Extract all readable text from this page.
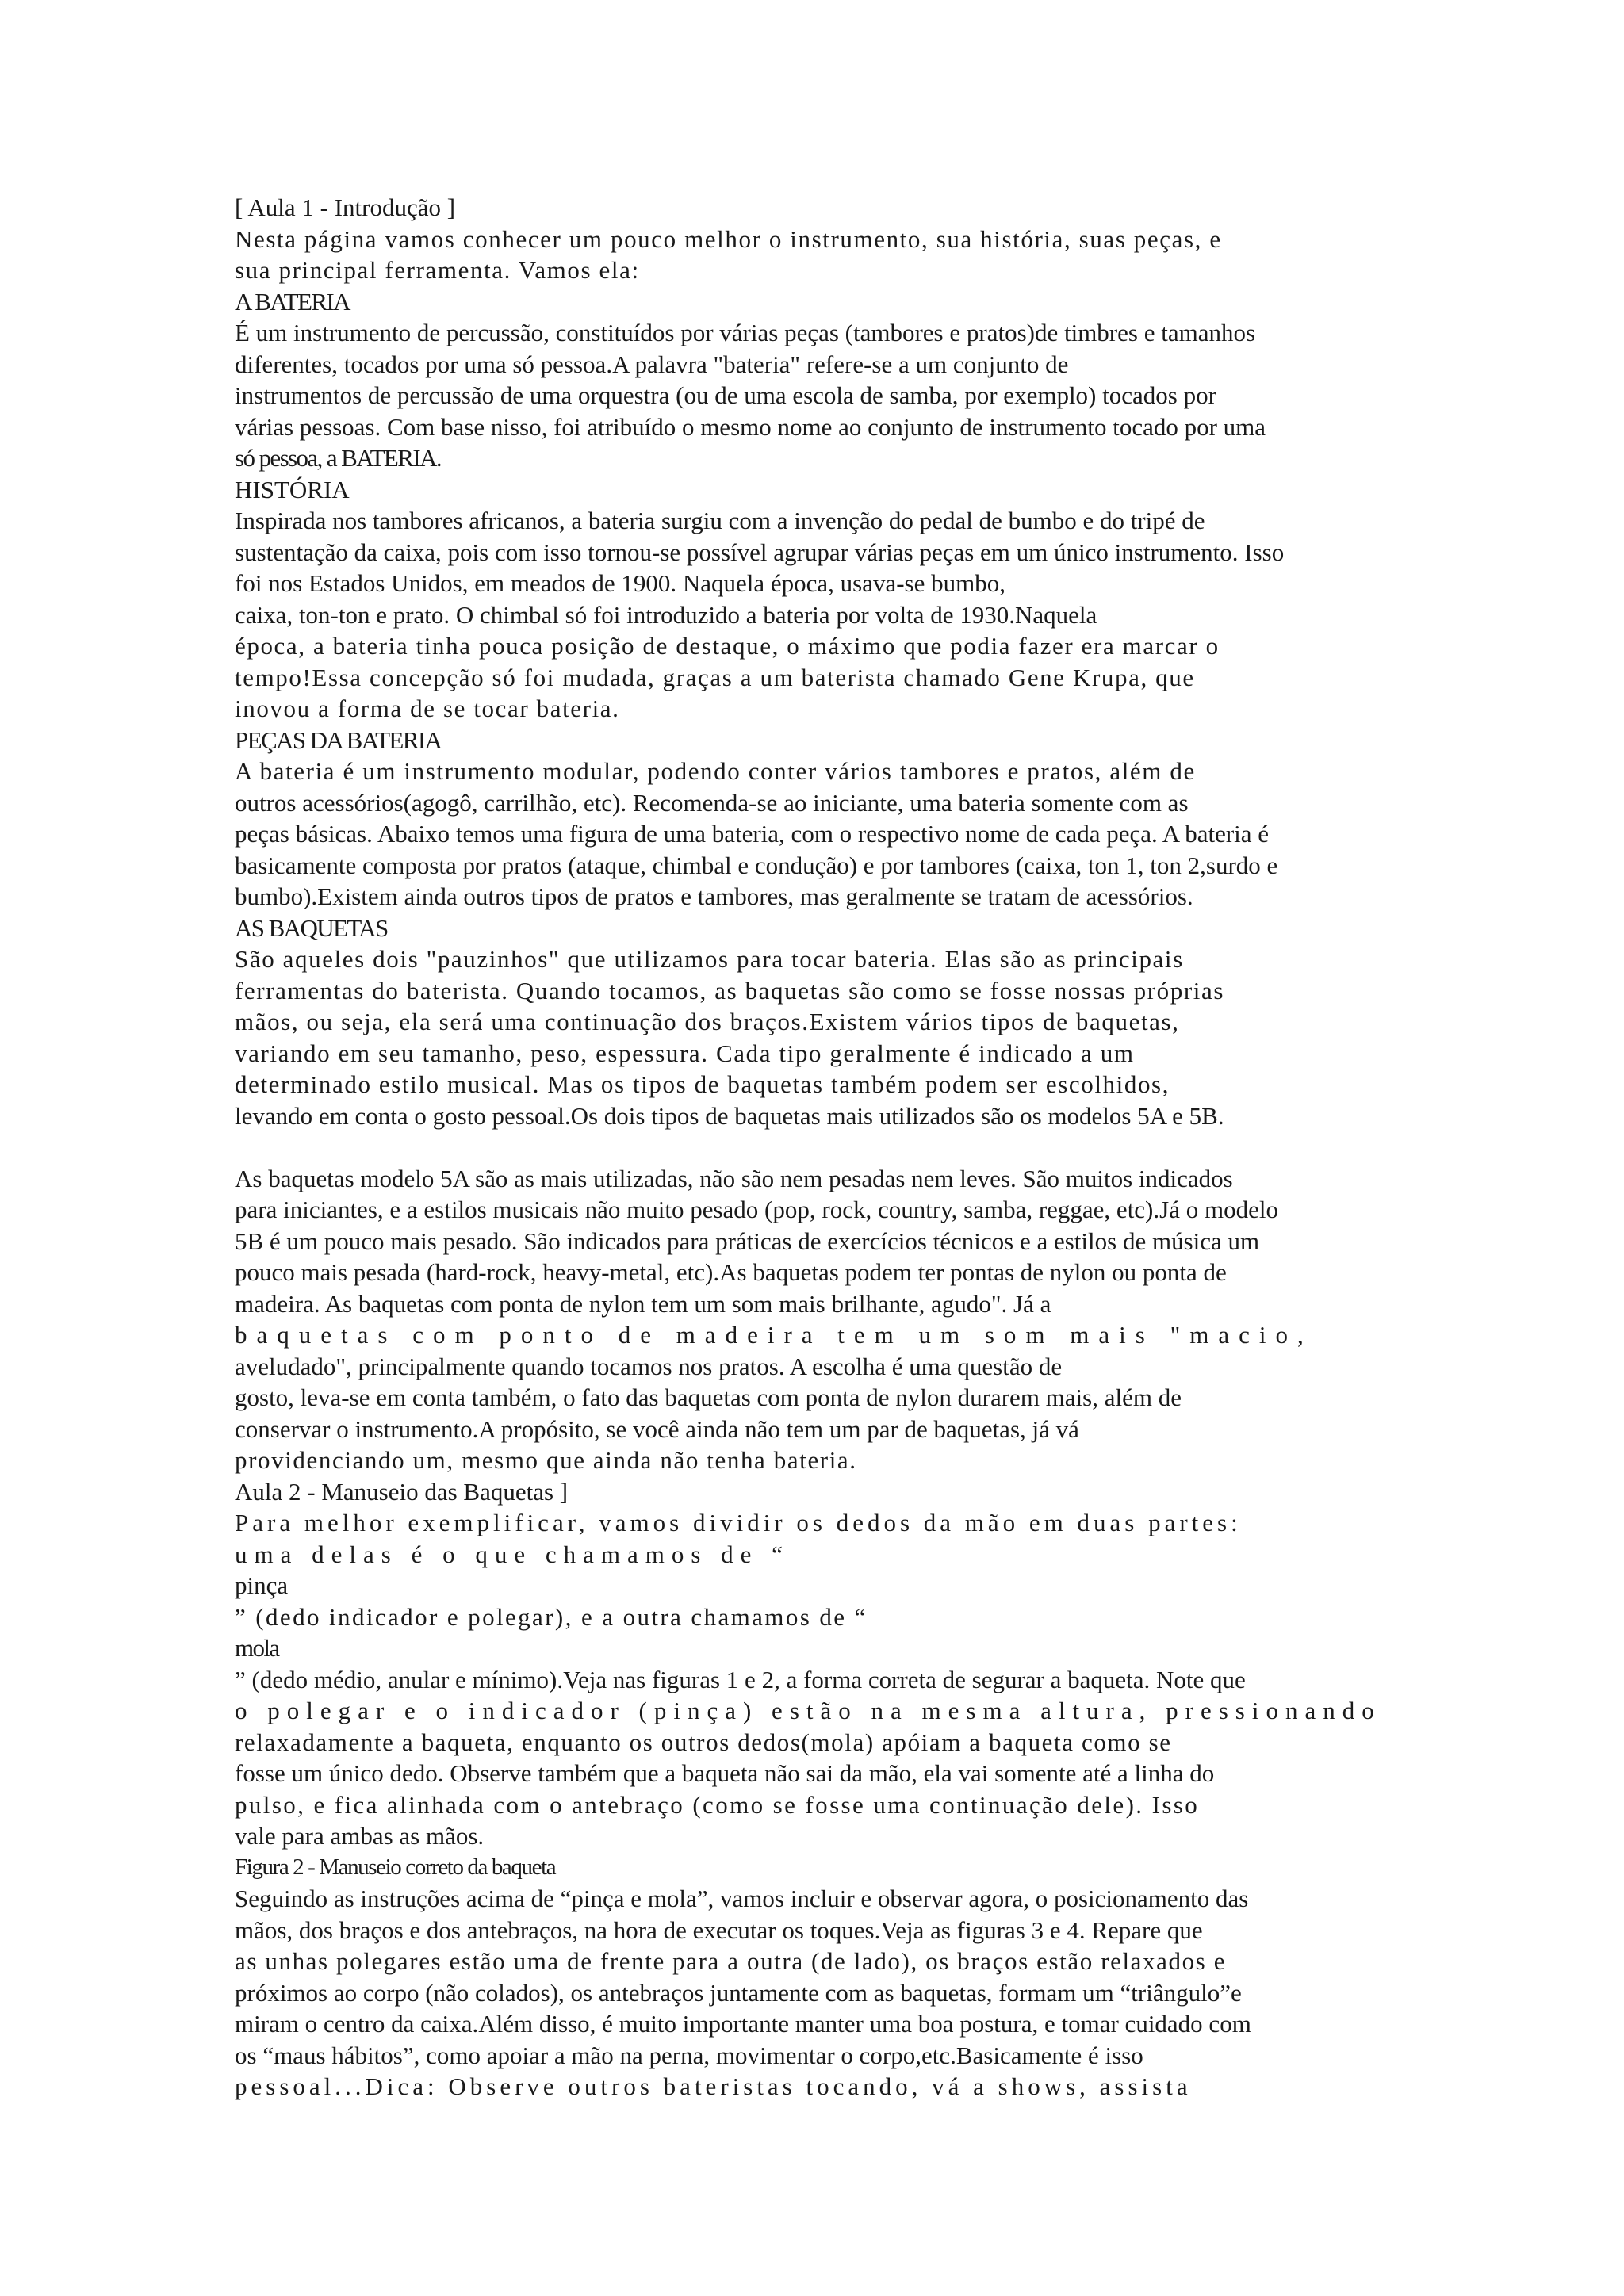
[ Aula 1 - Introdução ]
Nesta página vamos conhecer um pouco melhor o instrumento, sua história, suas peças, e
sua principal ferramenta. Vamos ela:
A BATERIA
É um instrumento de percussão, constituídos por várias peças (tambores e pratos)de timbres e tamanhos
diferentes, tocados por uma só pessoa.A palavra "bateria" refere-se a um conjunto de
instrumentos de percussão de uma orquestra (ou de uma escola de samba, por exemplo) tocados por
várias pessoas. Com base nisso, foi atribuído o mesmo nome ao conjunto de instrumento tocado por uma
só pessoa, a BATERIA.
HISTÓRIA
Inspirada nos tambores africanos, a bateria surgiu com a invenção do pedal de bumbo e do tripé de
sustentação da caixa, pois com isso tornou-se possível agrupar várias peças em um único instrumento. Isso
foi nos Estados Unidos, em meados de 1900. Naquela época, usava-se bumbo,
caixa, ton-ton e prato. O chimbal só foi introduzido a bateria por volta de 1930.Naquela
época, a bateria tinha pouca posição de destaque, o máximo que podia fazer era marcar o
tempo!Essa concepção só foi mudada, graças a um baterista chamado Gene Krupa, que
inovou a forma de se tocar bateria.
PEÇAS DA BATERIA
A bateria é um instrumento modular, podendo conter vários tambores e pratos, além de
outros acessórios(agogô, carrilhão, etc). Recomenda-se ao iniciante, uma bateria somente com as
peças básicas. Abaixo temos uma figura de uma bateria, com o respectivo nome de cada peça. A bateria é
basicamente composta por pratos (ataque, chimbal e condução) e por tambores (caixa, ton 1, ton 2,surdo e
bumbo).Existem ainda outros tipos de pratos e tambores, mas geralmente se tratam de acessórios.
AS BAQUETAS
São aqueles dois "pauzinhos" que utilizamos para tocar bateria. Elas são as principais
ferramentas do baterista. Quando tocamos, as baquetas são como se fosse nossas próprias
mãos, ou seja, ela será uma continuação dos braços.Existem vários tipos de baquetas,
variando em seu tamanho, peso, espessura. Cada tipo geralmente é indicado a um
determinado estilo musical. Mas os tipos de baquetas também podem ser escolhidos,
levando em conta o gosto pessoal.Os dois tipos de baquetas mais utilizados são os modelos 5A e 5B.
As baquetas modelo 5A são as mais utilizadas, não são nem pesadas nem leves. São muitos indicados
para iniciantes, e a estilos musicais não muito pesado (pop, rock, country, samba, reggae, etc).Já o modelo
5B é um pouco mais pesado. São indicados para práticas de exercícios técnicos e a estilos de música um
pouco mais pesada (hard-rock, heavy-metal, etc).As baquetas podem ter pontas de nylon ou ponta de
madeira. As baquetas com ponta de nylon tem um som mais brilhante, agudo". Já a
baquetas com ponto de madeira tem um som mais "macio,
aveludado", principalmente quando tocamos nos pratos. A escolha é uma questão de
gosto, leva-se em conta também, o fato das baquetas com ponta de nylon durarem mais, além de
conservar o instrumento.A propósito, se você ainda não tem um par de baquetas, já vá
providenciando um, mesmo que ainda não tenha bateria.
Aula 2 - Manuseio das Baquetas ]
Para melhor exemplificar, vamos dividir os dedos da mão em duas partes:
uma delas é o que chamamos de “
pinça
” (dedo indicador e polegar), e a outra chamamos de “
mola
” (dedo médio, anular e mínimo).Veja nas figuras 1 e 2, a forma correta de segurar a baqueta. Note que
o polegar e o indicador (pinça) estão na mesma altura, pressionando
relaxadamente a baqueta, enquanto os outros dedos(mola) apóiam a baqueta como se
fosse um único dedo. Observe também que a baqueta não sai da mão, ela vai somente até a linha do
pulso, e fica alinhada com o antebraço (como se fosse uma continuação dele). Isso
vale para ambas as mãos.
Figura 2 - Manuseio correto da baqueta
Seguindo as instruções acima de “pinça e mola”, vamos incluir e observar agora, o posicionamento das
mãos, dos braços e dos antebraços, na hora de executar os toques.Veja as figuras 3 e 4. Repare que
as unhas polegares estão uma de frente para a outra (de lado), os braços estão relaxados e
próximos ao corpo (não colados), os antebraços juntamente com as baquetas, formam um “triângulo”e
miram o centro da caixa.Além disso, é muito importante manter uma boa postura, e tomar cuidado com
os “maus hábitos”, como apoiar a mão na perna, movimentar o corpo,etc.Basicamente é isso
pessoal...Dica: Observe outros bateristas tocando, vá a shows, assista
